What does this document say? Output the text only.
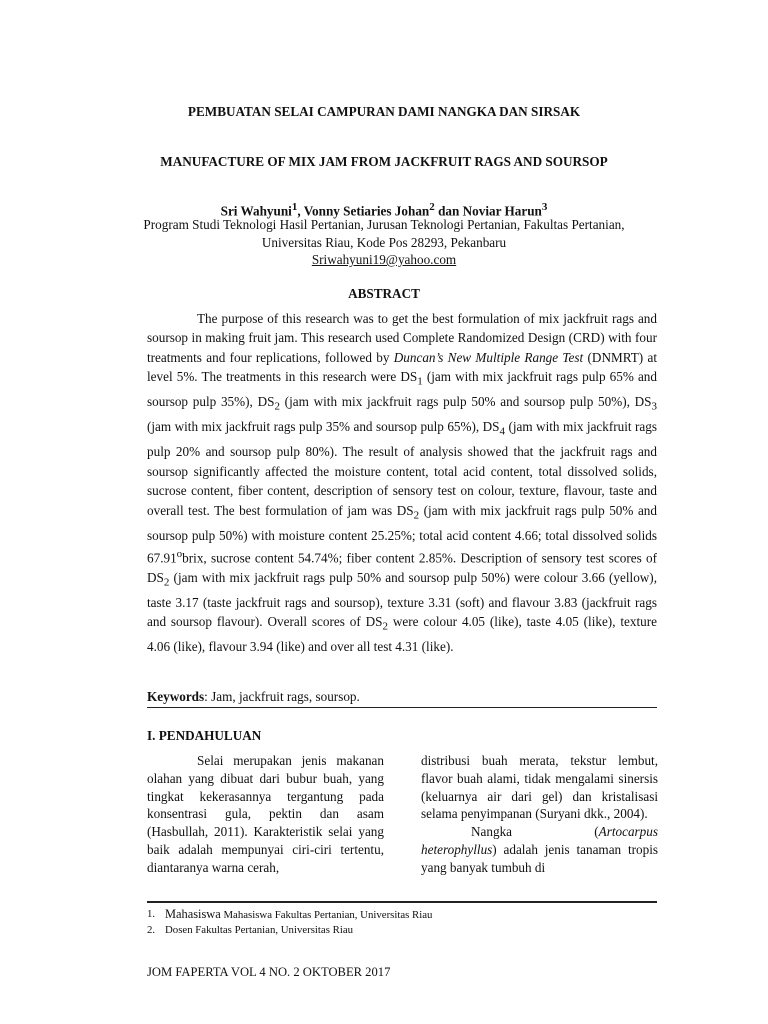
PEMBUATAN SELAI CAMPURAN DAMI NANGKA DAN SIRSAK
MANUFACTURE OF MIX JAM FROM JACKFRUIT RAGS AND SOURSOP
Sri Wahyuni$^1$, Vonny Setiaries Johan$^2$ dan Noviar Harun$^3$
Program Studi Teknologi Hasil Pertanian, Jurusan Teknologi Pertanian, Fakultas Pertanian, Universitas Riau, Kode Pos 28293, Pekanbaru
Sriwahyuni19@yahoo.com
ABSTRACT

The purpose of this research was to get the best formulation of mix jackfruit rags and soursop in making fruit jam. This research used Complete Randomized Design (CRD) with four treatments and four replications, followed by Duncan’s New Multiple Range Test (DNMRT) at level 5%. The treatments in this research were $DS_1$ (jam with mix jackfruit rags pulp 65% and soursop pulp 35%), $DS_2$ (jam with mix jackfruit rags pulp 50% and soursop pulp 50%), $DS_3$ (jam with mix jackfruit rags pulp 35% and soursop pulp 65%), $DS_4$ (jam with mix jackfruit rags pulp 20% and soursop pulp 80%). The result of analysis showed that the jackfruit rags and soursop significantly affected the moisture content, total acid content, total dissolved solids, sucrose content, fiber content, description of sensory test on colour, texture, flavour, taste and overall test. The best formulation of jam was $DS_2$ (jam with mix jackfruit rags pulp 50% and soursop pulp 50%) with moisture content 25.25%; total acid content 4.66; total dissolved solids 67.91$^o$brix, sucrose content 54.74%; fiber content 2.85%. Description of sensory test scores of $DS_2$ (jam with mix jackfruit rags pulp 50% and soursop pulp 50%) were colour 3.66 (yellow), taste 3.17 (taste jackfruit rags and soursop), texture 3.31 (soft) and flavour 3.83 (jackfruit rags and soursop flavour). Overall scores of $DS_2$ were colour 4.05 (like), taste 4.05 (like), texture 4.06 (like), flavour 3.94 (like) and over all test 4.31 (like).

Keywords: Jam, jackfruit rags, soursop.
I. PENDAHULUAN

Selai merupakan jenis makanan olahan yang dibuat dari bubur buah, yang tingkat kekerasannya tergantung pada konsentrasi gula, pektin dan asam (Hasbullah, 2011). Karakteristik selai yang baik adalah mempunyai ciri-ciri tertentu, diantaranya warna cerah,

distribusi buah merata, tekstur lembut, flavor buah alami, tidak mengalami sinersis (keluarnya air dari gel) dan kristalisasi selama penyimpanan (Suryani dkk., 2004).

Nangka (Artocarpus heterophyllus) adalah jenis tanaman tropis yang banyak tumbuh di

1. Mahasiswa Mahasiswa Fakultas Pertanian, Universitas Riau
2. Dosen Fakultas Pertanian, Universitas Riau
JOM FAPERTA VOL 4 NO. 2 OKTOBER 2017
